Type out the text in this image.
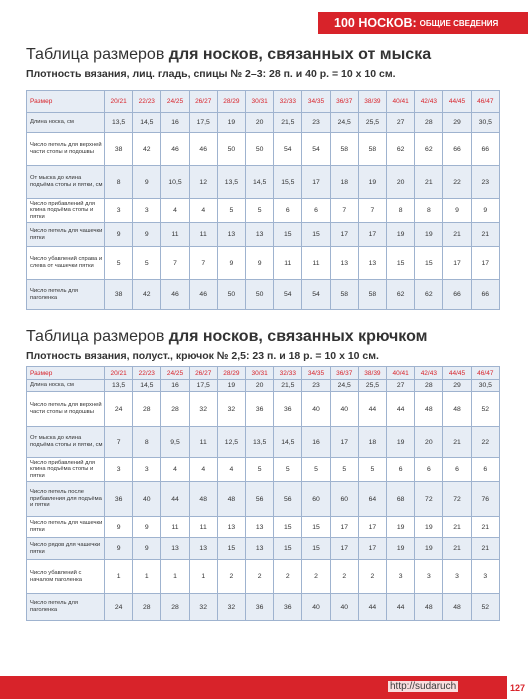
100 НОСКОВ: ОБЩИЕ СВЕДЕНИЯ
Таблица размеров для носков, связанных от мыска
Плотность вязания, лиц. гладь, спицы № 2–3: 28 п. и 40 р. = 10 х 10 см.
Размер	20/21	22/23	24/25	26/27	28/29	30/31	32/33	34/35	36/37	38/39	40/41	42/43	44/45	46/47
Длина носка, см	13,5	14,5	16	17,5	19	20	21,5	23	24,5	25,5	27	28	29	30,5
Число петель для верхней части стопы и подошвы	38	42	46	46	50	50	54	54	58	58	62	62	66	66
От мыска до клина подъёма стопы и пятки, см	8	9	10,5	12	13,5	14,5	15,5	17	18	19	20	21	22	23
Число прибавлений для клина подъёма стопы и пятки	3	3	4	4	5	5	6	6	7	7	8	8	9	9
Число петель для чашечки пятки	9	9	11	11	13	13	15	15	17	17	19	19	21	21
Число убавлений справа и слева от чашечки пятки	5	5	7	7	9	9	11	11	13	13	15	15	17	17
Число петель для паголенка	38	42	46	46	50	50	54	54	58	58	62	62	66	66
Таблица размеров для носков, связанных крючком
Плотность вязания, полуст., крючок № 2,5: 23 п. и 18 р. = 10 х 10 см.
Размер	20/21	22/23	24/25	26/27	28/29	30/31	32/33	34/35	36/37	38/39	40/41	42/43	44/45	46/47
Длина носка, см	13,5	14,5	16	17,5	19	20	21,5	23	24,5	25,5	27	28	29	30,5
Число петель для верхней части стопы и подошвы	24	28	28	32	32	36	36	40	40	44	44	48	48	52
От мыска до клина подъёма стопы и пятки, см	7	8	9,5	11	12,5	13,5	14,5	16	17	18	19	20	21	22
Число прибавлений для клина подъёма стопы и пятки	3	3	4	4	4	5	5	5	5	5	6	6	6	6
Число петель после прибавления для подъёма и пятки	36	40	44	48	48	56	56	60	60	64	68	72	72	76
Число петель для чашечки пятки	9	9	11	11	13	13	15	15	17	17	19	19	21	21
Число рядов для чашечки пятки	9	9	13	13	15	13	15	15	17	17	19	19	21	21
Число убавлений с началом паголенка	1	1	1	1	2	2	2	2	2	2	3	3	3	3
Число петель для паголенка	24	28	28	32	32	36	36	40	40	44	44	48	48	52
127
http://sudaruch
